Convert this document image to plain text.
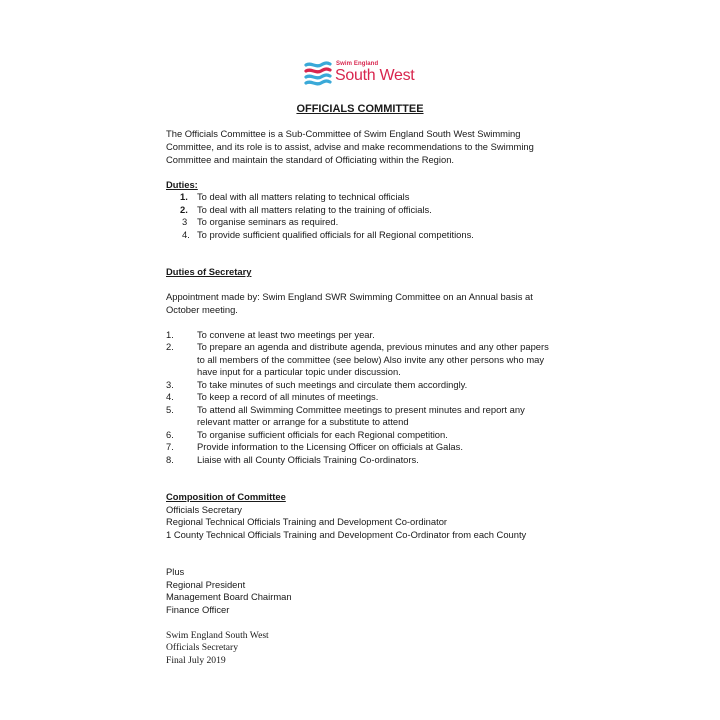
Swim England
South West
OFFICIALS COMMITTEE
The Officials Committee is a Sub-Committee of Swim England South West Swimming
Committee, and its role is to assist, advise and make recommendations to the Swimming
Committee and maintain the standard of Officiating within the Region.
Duties:
1. To deal with all matters relating to technical officials
2. To deal with all matters relating to the training of officials.
3 To organise seminars as required.
4. To provide sufficient qualified officials for all Regional competitions.
Duties of Secretary
Appointment made by: Swim England SWR Swimming Committee on an Annual basis at
October meeting.
1. To convene at least two meetings per year.
2. To prepare an agenda and distribute agenda, previous minutes and any other papers
to all members of the committee (see below) Also invite any other persons who may
have input for a particular topic under discussion.
3. To take minutes of such meetings and circulate them accordingly.
4. To keep a record of all minutes of meetings.
5. To attend all Swimming Committee meetings to present minutes and report any
relevant matter or arrange for a substitute to attend
6. To organise sufficient officials for each Regional competition.
7. Provide information to the Licensing Officer on officials at Galas.
8. Liaise with all County Officials Training Co-ordinators.
Composition of Committee
Officials Secretary
Regional Technical Officials Training and Development Co-ordinator
1 County Technical Officials Training and Development Co-Ordinator from each County
Plus
Regional President
Management Board Chairman
Finance Officer
Swim England South West
Officials Secretary
Final July 2019
